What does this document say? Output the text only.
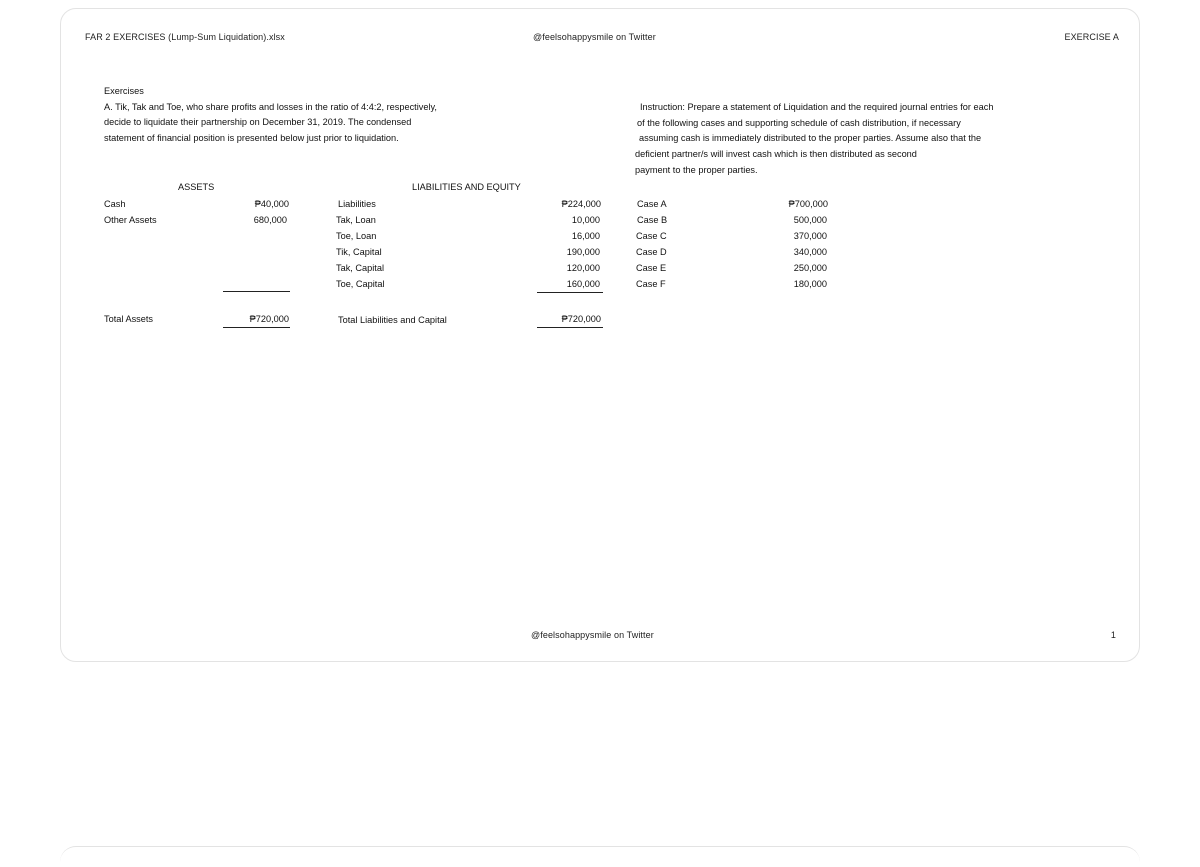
FAR 2 EXERCISES (Lump-Sum Liquidation).xlsx	@feelsohappysmile on Twitter	EXERCISE A
Exercises
A. Tik, Tak and Toe, who share profits and losses in the ratio of 4:4:2, respectively,
decide to liquidate their partnership on December 31, 2019. The condensed
statement of financial position is presented below just prior to liquidation.
Instruction: Prepare a statement of Liquidation and the required journal entries for each
of the following cases and supporting schedule of cash distribution, if necessary
assuming cash is immediately distributed to the proper parties. Assume also that the
deficient partner/s will invest cash which is then distributed as second
payment to the proper parties.
ASSETS	LIABILITIES AND EQUITY
Cash	₱40,000
Other Assets	680,000
Liabilities	₱224,000
Tak, Loan	10,000
Toe, Loan	16,000
Tik, Capital	190,000
Tak, Capital	120,000
Toe, Capital	160,000
Total Assets	₱720,000	Total Liabilities and Capital	₱720,000
Case A	₱700,000
Case B	500,000
Case C	370,000
Case D	340,000
Case E	250,000
Case F	180,000
@feelsohappysmile on Twitter	1
